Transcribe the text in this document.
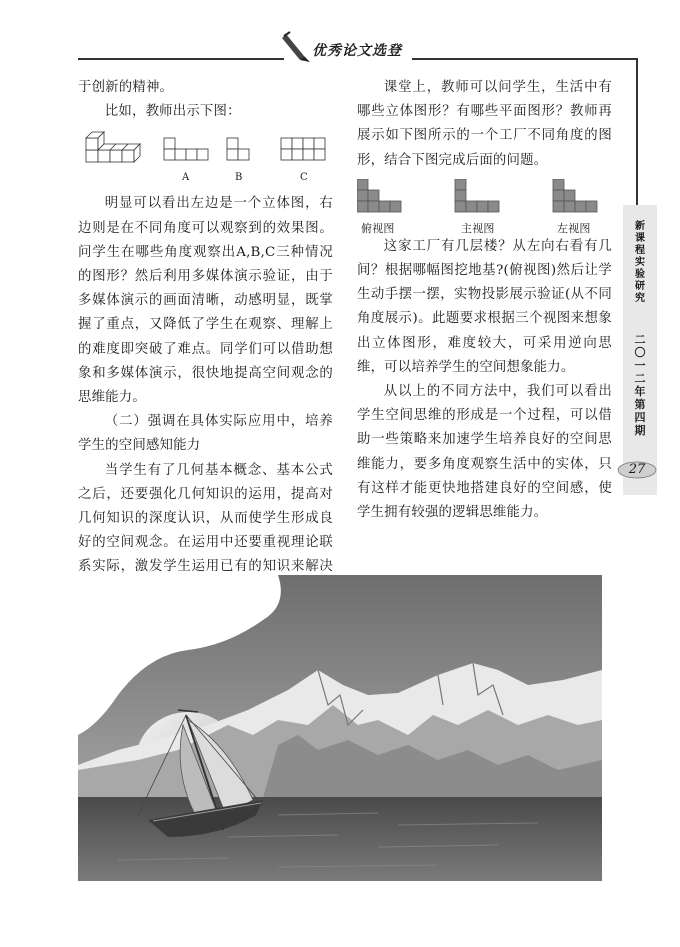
优秀论文选登

于创新的精神。

比如，教师出示下图：

A	B	C

明显可以看出左边是一个立体图，右边则是在不同角度可以观察到的效果图。问学生在哪些角度观察出A,B,C三种情况的图形？然后利用多媒体演示验证，由于多媒体演示的画面清晰，动感明显，既掌握了重点，又降低了学生在观察、理解上的难度即突破了难点。同学们可以借助想象和多媒体演示，很快地提高空间观念的思维能力。

（二）强调在具体实际应用中，培养学生的空间感知能力

当学生有了几何基本概念、基本公式之后，还要强化几何知识的运用，提高对几何知识的深度认识，从而使学生形成良好的空间观念。在运用中还要重视理论联系实际，激发学生运用已有的知识来解决

课堂上，教师可以问学生，生活中有哪些立体图形？有哪些平面图形？教师再展示如下图所示的一个工厂不同角度的图形，结合下图完成后面的问题。

俯视图	主视图	左视图

这家工厂有几层楼？从左向右看有几间？根据哪幅图挖地基?(俯视图)然后让学生动手摆一摆，实物投影展示验证(从不同角度展示)。此题要求根据三个视图来想象出立体图形，难度较大，可采用逆向思维，可以培养学生的空间想象能力。

从以上的不同方法中，我们可以看出学生空间思维的形成是一个过程，可以借助一些策略来加速学生培养良好的空间思维能力，要多角度观察生活中的实体，只有这样才能更快地搭建良好的空间感，使学生拥有较强的逻辑思维能力。

新
课
程
实
验
研
究
二
〇
一
二
年
第
四
期
27
